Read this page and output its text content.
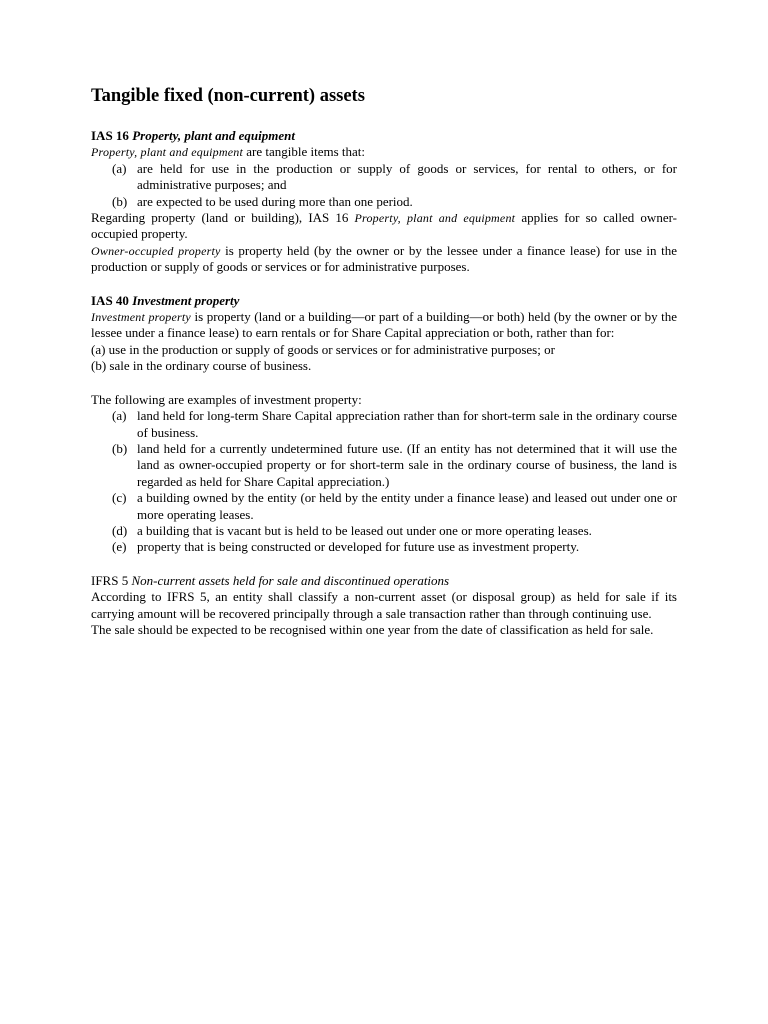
Tangible fixed (non-current) assets
IAS 16 Property, plant and equipment

Property, plant and equipment are tangible items that:

(a) are held for use in the production or supply of goods or services, for rental to others, or for administrative purposes; and
(b) are expected to be used during more than one period.

Regarding property (land or building), IAS 16 Property, plant and equipment applies for so called owner-occupied property.

Owner-occupied property is property held (by the owner or by the lessee under a finance lease) for use in the production or supply of goods or services or for administrative purposes.

IAS 40 Investment property

Investment property is property (land or a building—or part of a building—or both) held (by the owner or by the lessee under a finance lease) to earn rentals or for Share Capital appreciation or both, rather than for:

(a) use in the production or supply of goods or services or for administrative purposes; or

(b) sale in the ordinary course of business.

The following are examples of investment property:

(a) land held for long-term Share Capital appreciation rather than for short-term sale in the ordinary course of business.
(b) land held for a currently undetermined future use. (If an entity has not determined that it will use the land as owner-occupied property or for short-term sale in the ordinary course of business, the land is regarded as held for Share Capital appreciation.)
(c) a building owned by the entity (or held by the entity under a finance lease) and leased out under one or more operating leases.
(d) a building that is vacant but is held to be leased out under one or more operating leases.
(e) property that is being constructed or developed for future use as investment property.
IFRS 5 Non-current assets held for sale and discontinued operations

According to IFRS 5, an entity shall classify a non-current asset (or disposal group) as held for sale if its carrying amount will be recovered principally through a sale transaction rather than through continuing use.

The sale should be expected to be recognised within one year from the date of classification as held for sale.
